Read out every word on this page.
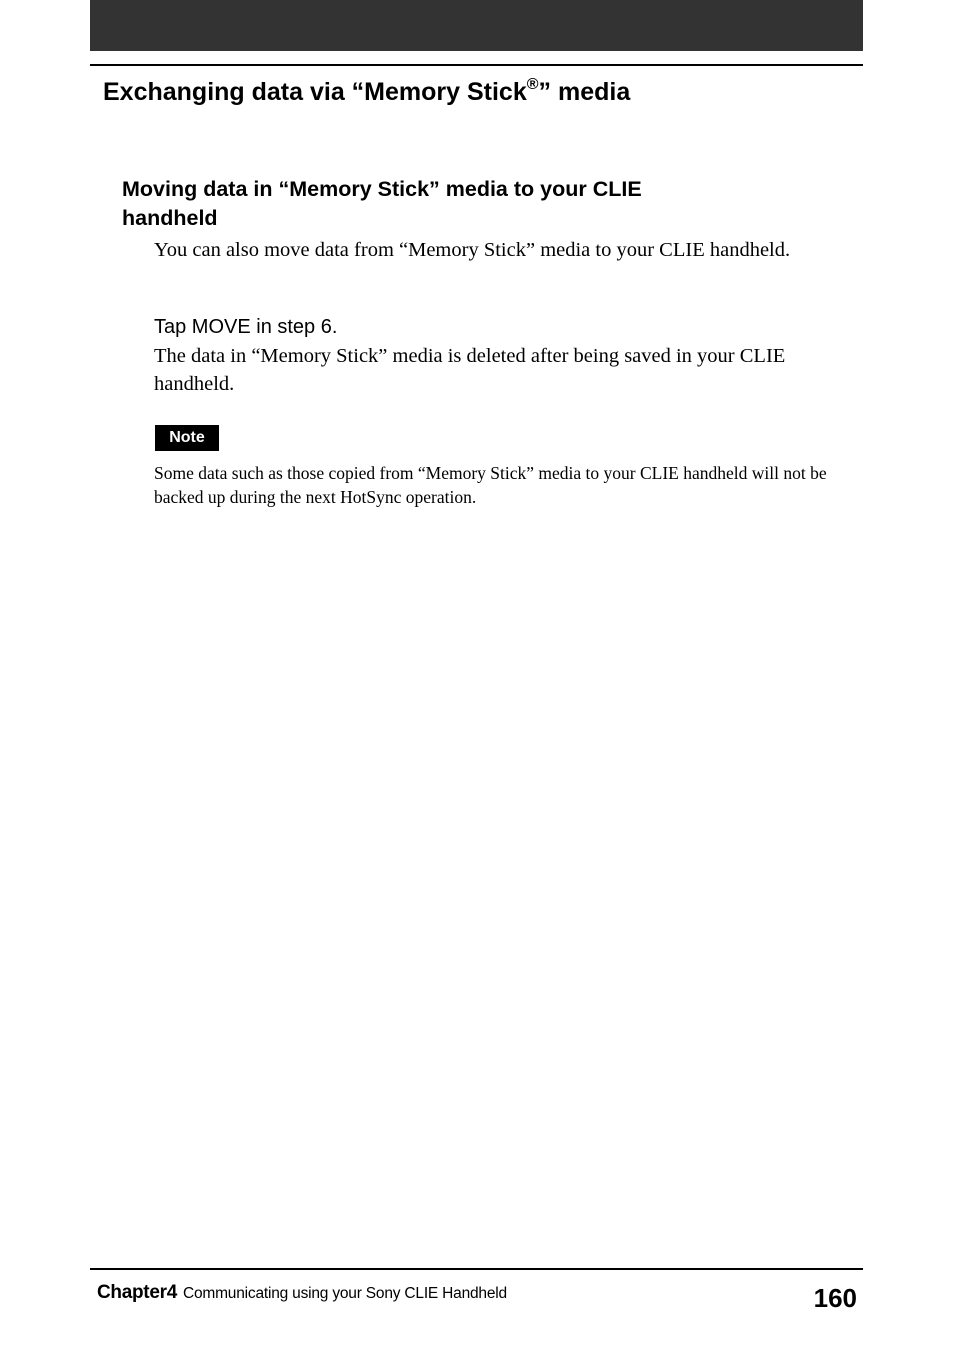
Exchanging data via “Memory Stick®” media
Moving data in “Memory Stick” media to your CLIE handheld

You can also move data from “Memory Stick” media to your CLIE handheld.

Tap MOVE in step 6.

The data in “Memory Stick” media is deleted after being saved in your CLIE handheld.

Note

Some data such as those copied from “Memory Stick” media to your CLIE handheld will not be backed up during the next HotSync operation.

Chapter4 Communicating using your Sony CLIE Handheld	160
